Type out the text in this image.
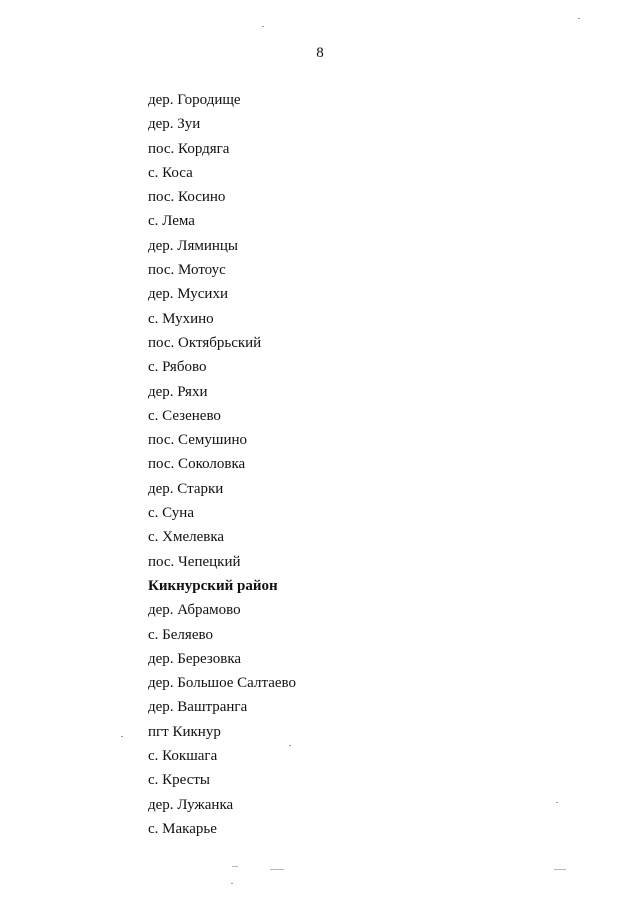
8
дер. Городище
дер. Зуи
пос. Кордяга
с. Коса
пос. Косино
с. Лема
дер. Ляминцы
пос. Мотоус
дер. Мусихи
с. Мухино
пос. Октябрьский
с. Рябово
дер. Ряхи
с. Сезенево
пос. Семушино
пос. Соколовка
дер. Старки
с. Суна
с. Хмелевка
пос. Чепецкий
Кикнурский район
дер. Абрамово
с. Беляево
дер. Березовка
дер. Большое Салтаево
дер. Ваштранга
пгт Кикнур
с. Кокшага
с. Кресты
дер. Лужанка
с. Макарье
